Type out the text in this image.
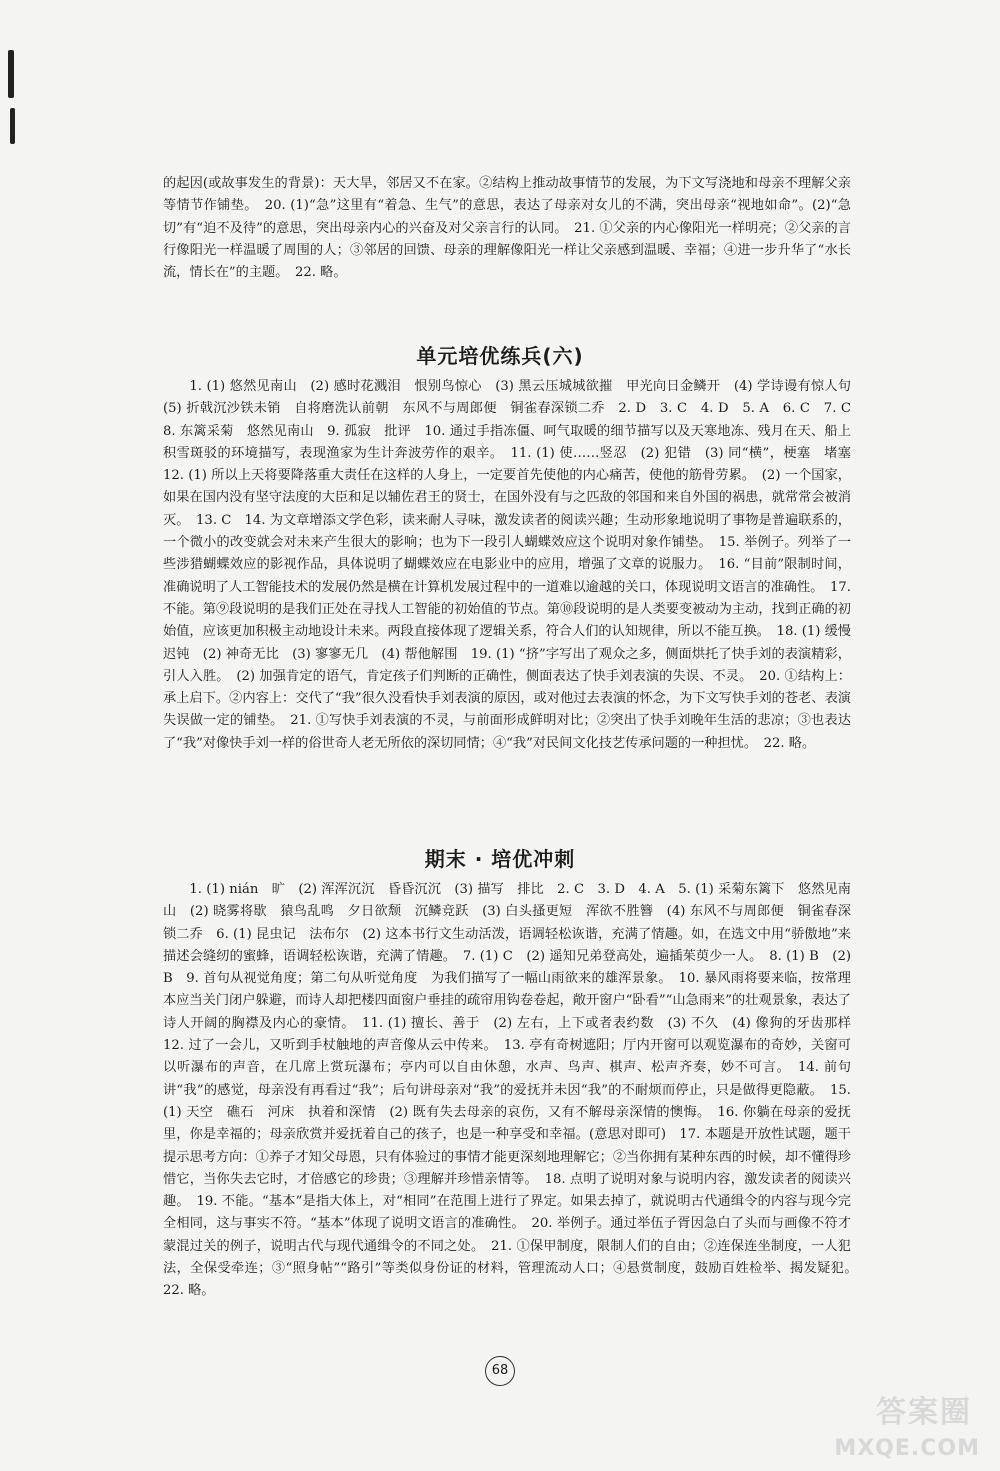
的起因(或故事发生的背景)：天大旱，邻居又不在家。②结构上推动故事情节的发展，为下文写浇地和母亲不理解父亲等情节作铺垫。　20. (1)“急”这里有“着急、生气”的意思，表达了母亲对女儿的不满，突出母亲“视地如命”。(2)“急切”有“迫不及待”的意思，突出母亲内心的兴奋及对父亲言行的认同。　21. ①父亲的内心像阳光一样明亮；②父亲的言行像阳光一样温暖了周围的人；③邻居的回馈、母亲的理解像阳光一样让父亲感到温暖、幸福；④进一步升华了“水长流，情长在”的主题。　22. 略。

单元培优练兵(六)

1. (1) 悠然见南山　(2) 感时花溅泪　恨别鸟惊心　(3) 黑云压城城欲摧　甲光向日金鳞开　(4) 学诗谩有惊人句　(5) 折戟沉沙铁未销　自将磨洗认前朝　东风不与周郎便　铜雀春深锁二乔　2. D　3. C　4. D　5. A　6. C　7. C　8. 东篱采菊　悠然见南山　9. 孤寂　批评　10. 通过手指冻僵、呵气取暖的细节描写以及天寒地冻、残月在天、船上积雪斑驳的环境描写，表现渔家为生计奔波劳作的艰辛。　11. (1) 使……竖忍　(2) 犯错　(3) 同“横”，梗塞　堵塞　12. (1) 所以上天将要降落重大责任在这样的人身上，一定要首先使他的内心痛苦，使他的筋骨劳累。　(2) 一个国家，如果在国内没有坚守法度的大臣和足以辅佐君王的贤士，在国外没有与之匹敌的邻国和来自外国的祸患，就常常会被消灭。　13. C　14. 为文章增添文学色彩，读来耐人寻味，激发读者的阅读兴趣；生动形象地说明了事物是普遍联系的，一个微小的改变就会对未来产生很大的影响；也为下一段引人蝴蝶效应这个说明对象作铺垫。　15. 举例子。列举了一些涉猎蝴蝶效应的影视作品，具体说明了蝴蝶效应在电影业中的应用，增强了文章的说服力。　16. “目前”限制时间，准确说明了人工智能技术的发展仍然是横在计算机发展过程中的一道难以逾越的关口，体现说明文语言的准确性。　17. 不能。第⑨段说明的是我们正处在寻找人工智能的初始值的节点。第⑩段说明的是人类要变被动为主动，找到正确的初始值，应该更加积极主动地设计未来。两段直接体现了逻辑关系，符合人们的认知规律，所以不能互换。　18. (1) 缓慢迟钝　(2) 神奇无比　(3) 寥寥无几　(4) 帮他解围　19. (1) “挤”字写出了观众之多，侧面烘托了快手刘的表演精彩，引人入胜。　(2) 加强肯定的语气，肯定孩子们判断的正确性，侧面表达了快手刘表演的失误、不灵。　20. ①结构上：承上启下。②内容上：交代了“我”很久没看快手刘表演的原因，或对他过去表演的怀念，为下文写快手刘的苍老、表演失误做一定的铺垫。　21. ①写快手刘表演的不灵，与前面形成鲜明对比；②突出了快手刘晚年生活的悲凉；③也表达了“我”对像快手刘一样的俗世奇人老无所依的深切同情；④“我”对民间文化技艺传承问题的一种担忧。　22. 略。

期末 · 培优冲刺

1. (1) nián　旷　(2) 浑浑沉沉　昏昏沉沉　(3) 描写　排比　2. C　3. D　4. A　5. (1) 采菊东篱下　悠然见南山　(2) 晓雾将歇　猿鸟乱鸣　夕日欲颓　沉鳞竞跃　(3) 白头搔更短　浑欲不胜簪　(4) 东风不与周郎便　铜雀春深锁二乔　6. (1) 昆虫记　法布尔　(2) 这本书行文生动活泼，语调轻松诙谐，充满了情趣。如，在选文中用“骄傲地”来描述会缝纫的蜜蜂，语调轻松诙谐，充满了情趣。　7. (1) C　(2) 遥知兄弟登高处，遍插茱萸少一人。　8. (1) B　(2) B　9. 首句从视觉角度；第二句从听觉角度　为我们描写了一幅山雨欲来的雄浑景象。　10. 暴风雨将要来临，按常理本应当关门闭户躲避，而诗人却把楼四面窗户垂挂的疏帘用钩卷卷起，敞开窗户“卧看”“山急雨来”的壮观景象，表达了诗人开阔的胸襟及内心的豪情。　11. (1) 擅长、善于　(2) 左右，上下或者表约数　(3) 不久　(4) 像狗的牙齿那样　12. 过了一会儿，又听到手杖触地的声音像从云中传来。　13. 亭有奇树遮阳；厅内开窗可以观览瀑布的奇妙，关窗可以听瀑布的声音，在几席上赏玩瀑布；亭内可以自由休憩，水声、鸟声、棋声、松声齐奏，妙不可言。　14. 前句讲“我”的感觉，母亲没有再看过“我”；后句讲母亲对“我”的爱抚并未因“我”的不耐烦而停止，只是做得更隐蔽。　15. (1) 天空　礁石　河床　执着和深情　(2) 既有失去母亲的哀伤，又有不解母亲深情的懊悔。　16. 你躺在母亲的爱抚里，你是幸福的；母亲欣赏并爱抚着自己的孩子，也是一种享受和幸福。(意思对即可)　17. 本题是开放性试题，题干提示思考方向：①养子才知父母恩，只有体验过的事情才能更深刻地理解它；②当你拥有某种东西的时候，却不懂得珍惜它，当你失去它时，才倍感它的珍贵；③理解并珍惜亲情等。　18. 点明了说明对象与说明内容，激发读者的阅读兴趣。　19. 不能。“基本”是指大体上，对“相同”在范围上进行了界定。如果去掉了，就说明古代通缉令的内容与现今完全相同，这与事实不符。“基本”体现了说明文语言的准确性。　20. 举例子。通过举伍子胥因急白了头而与画像不符才蒙混过关的例子，说明古代与现代通缉令的不同之处。　21. ①保甲制度，限制人们的自由；②连保连坐制度，一人犯法，全保受牵连；③“照身帖”“路引”等类似身份证的材料，管理流动人口；④悬赏制度，鼓励百姓检举、揭发疑犯。　22. 略。

68
答案圈
MXQE.COM
